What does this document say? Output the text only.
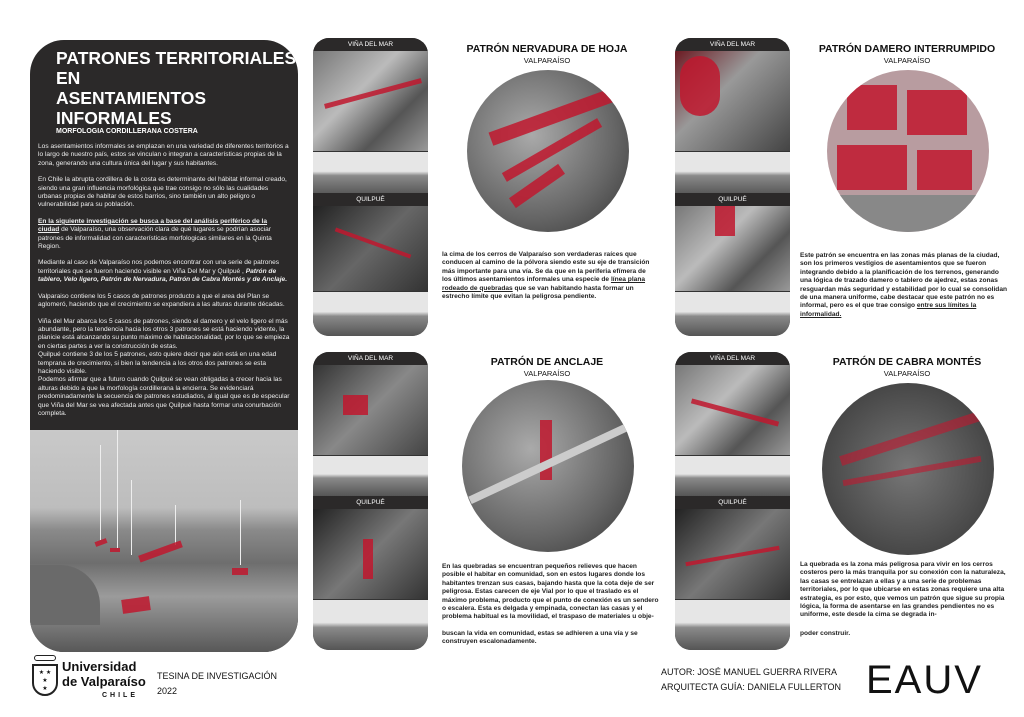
PATRONES TERRITORIALES EN
ASENTAMIENTOS INFORMALES
MORFOLOGIA CORDILLERANA COSTERA

Los asentamientos informales se emplazan en una variedad de diferentes territorios a lo largo de nuestro país, estos se vinculan o integran a características propias de la zona, generando una cultura única del lugar y sus habitantes.

En Chile la abrupta cordillera de la costa es determinante del hábitat informal creado, siendo una gran influencia morfológica que trae consigo no sólo las cualidades urbanas propias de habitar de estos barrios, sino también un alto peligro o vulnerabilidad para su población.

En la siguiente investigación se busca a base del análisis periférico de la ciudad de Valparaíso, una observación clara de qué lugares se podrían asociar patrones de informalidad con características morfologicas similares en la Quinta Region.

Mediante al caso de Valparaíso nos podemos encontrar con una serie de patrones territoriales que se fueron haciendo visible en Viña Del Mar y Quilpué , Patrón de tablero, Velo ligero, Patrón de Nervadura, Patrón de Cabra Montés y de Anclaje.

Valparaiso contiene los 5 casos de patrones producto a que el area del Plan se aglomeró, haciendo que el crecimiento se expandiera a las alturas durante décadas.

Viña del Mar abarca los 5 casos de patrones, siendo el damero y el velo ligero el más abundante, pero la tendencia hacia los otros 3 patrones se está haciendo vidente, la planicie está alcanzando su punto máximo de habitacionalidad, por lo que se empieza en ciertas partes a ver la construcción de estas.

Quilpué contiene 3 de los 5 patrones, esto quiere decir que aún está en una edad temprana de crecimiento, si bien la tendencia a los otros dos patrones se esta haciendo visible.

Podemos afirmar que a futuro cuando Quilpué se vean obligadas a crecer hacia las alturas debido a que la morfología cordillerana la encierra. Se evidenciará predominadamente la secuencia de patrones estudiados, al igual que es de especular que Viña del Mar se vea afectada antes que Quilpué hasta formar una conurbación completa.

VIÑA DEL MAR
QUILPUÉ
VIÑA DEL MAR
QUILPUÉ
VIÑA DEL MAR
QUILPUÉ
VIÑA DEL MAR
QUILPUÉ
PATRÓN NERVADURA DE HOJA
VALPARAÍSO
PATRÓN DAMERO INTERRUMPIDO
VALPARAÍSO
PATRÓN DE ANCLAJE
VALPARAÍSO
PATRÓN DE CABRA MONTÉS
VALPARAÍSO
la cima de los cerros de Valparaíso son verdaderas raíces que conducen al camino de la pólvora siendo este su eje de transición más importante para una vía. Se da que en la periferia efímera de los últimos asentamientos informales una especie de línea plana rodeado de quebradas que se van habitando hasta formar un estrecho límite que evitan la peligrosa pendiente.
Este patrón se encuentra en las zonas más planas de la ciudad, son los primeros vestigios de asentamientos que se fueron integrando debido a la planificación de los terrenos, generando una lógica de trazado damero o tablero de ajedrez, estas zonas resguardan más seguridad y estabilidad por lo cual se consolidan de una manera uniforme, cabe destacar que este patrón no es informal, pero es el que trae consigo entre sus límites la informalidad.
En las quebradas se encuentran pequeños relieves que hacen posible el habitar en comunidad, son en estos lugares donde los habitantes trenzan sus casas, bajando hasta que la cota deje de ser peligrosa. Estas carecen de eje Vial por lo que el traslado es el máximo problema, producto que el punto de conexión es un sendero o escalera. Esta es delgada y empinada, conectan las casas y el problema habitual es la movilidad, el traspaso de materiales u obje-
buscan la vida en comunidad, estas se adhieren a una vía y se construyen escalonadamente.
La quebrada es la zona más peligrosa para vivir en los cerros costeros pero la más tranquila por su conexión con la naturaleza, las casas se entrelazan a ellas y a una serie de problemas territoriales, por lo que ubicarse en estas zonas requiere una alta estrategia, es por esto, que vemos un patrón que sigue su propia lógica, la forma de asentarse en las grandes pendientes no es uniforme, este desde la cima se degrada in-
poder construir.
★ ★
★
★
Universidad
de Valparaíso
CHILE
TESINA DE INVESTIGACIÓN
2022
AUTOR: JOSÉ MANUEL GUERRA RIVERA
ARQUITECTA GUÍA: DANIELA FULLERTON EAUV
